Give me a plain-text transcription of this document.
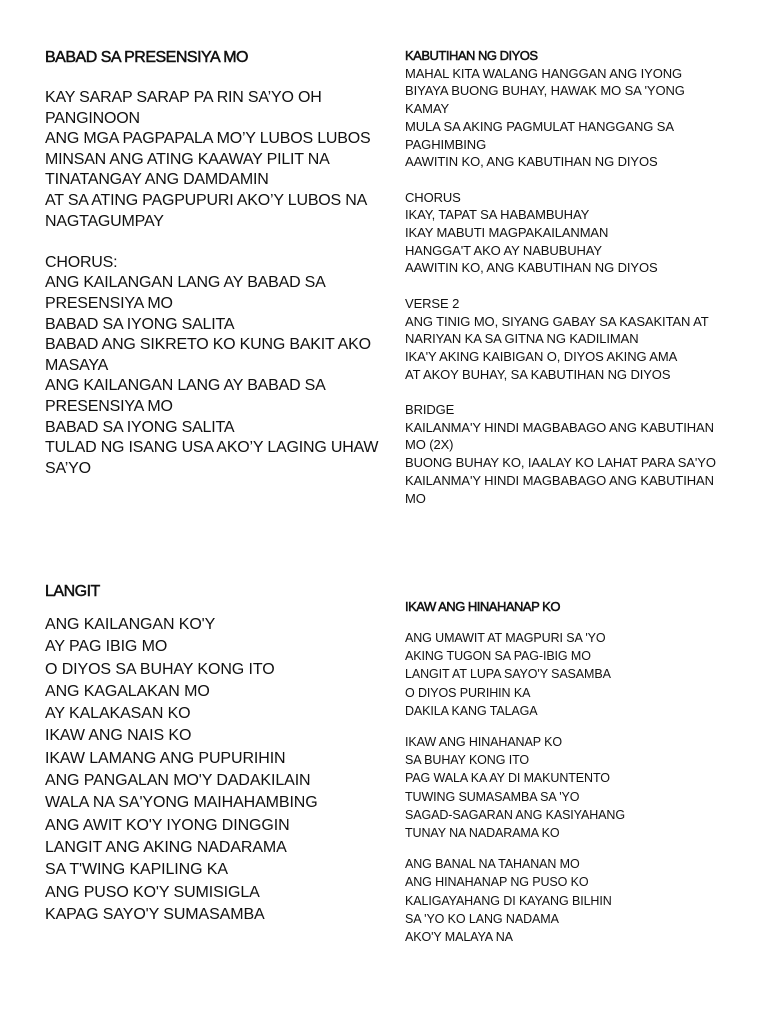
BABAD SA PRESENSIYA MO
KAY SARAP SARAP PA RIN SA’YO OH
PANGINOON
ANG MGA PAGPAPALA MO’Y LUBOS LUBOS
MINSAN ANG ATING KAAWAY PILIT NA
TINATANGAY ANG DAMDAMIN
AT SA ATING PAGPUPURI AKO’Y LUBOS NA
NAGTAGUMPAY
CHORUS:
ANG KAILANGAN LANG AY BABAD SA
PRESENSIYA MO
BABAD SA IYONG SALITA
BABAD ANG SIKRETO KO KUNG BAKIT AKO
MASAYA
ANG KAILANGAN LANG AY BABAD SA
PRESENSIYA MO
BABAD SA IYONG SALITA
TULAD NG ISANG USA AKO’Y LAGING UHAW
SA’YO
KABUTIHAN NG DIYOS
MAHAL KITA WALANG HANGGAN ANG IYONG
BIYAYA BUONG BUHAY, HAWAK MO SA 'YONG
KAMAY
MULA SA AKING PAGMULAT HANGGANG SA
PAGHIMBING
AAWITIN KO, ANG KABUTIHAN NG DIYOS
CHORUS
IKAY, TAPAT SA HABAMBUHAY
IKAY MABUTI MAGPAKAILANMAN
HANGGA'T AKO AY NABUBUHAY
AAWITIN KO, ANG KABUTIHAN NG DIYOS
VERSE 2
ANG TINIG MO, SIYANG GABAY SA KASAKITAN AT
NARIYAN KA SA GITNA NG KADILIMAN
IKA'Y AKING KAIBIGAN O, DIYOS AKING AMA
AT AKOY BUHAY, SA KABUTIHAN NG DIYOS
BRIDGE
KAILANMA'Y HINDI MAGBABAGO ANG KABUTIHAN
MO (2X)
BUONG BUHAY KO, IAALAY KO LAHAT PARA SA'YO
KAILANMA'Y HINDI MAGBABAGO ANG KABUTIHAN
MO
LANGIT
ANG KAILANGAN KO'Y
AY PAG IBIG MO
O DIYOS SA BUHAY KONG ITO
ANG KAGALAKAN MO
AY KALAKASAN KO
IKAW ANG NAIS KO
IKAW LAMANG ANG PUPURIHIN
ANG PANGALAN MO'Y DADAKILAIN
WALA NA SA'YONG MAIHAHAMBING
ANG AWIT KO'Y IYONG DINGGIN
LANGIT ANG AKING NADARAMA
SA T'WING KAPILING KA
ANG PUSO KO'Y SUMISIGLA
KAPAG SAYO'Y SUMASAMBA
IKAW ANG HINAHANAP KO
ANG UMAWIT AT MAGPURI SA 'YO
AKING TUGON SA PAG-IBIG MO
LANGIT AT LUPA SAYO'Y SASAMBA
O DIYOS PURIHIN KA
DAKILA KANG TALAGA
IKAW ANG HINAHANAP KO
SA BUHAY KONG ITO
PAG WALA KA AY DI MAKUNTENTO
TUWING SUMASAMBA SA 'YO
SAGAD-SAGARAN ANG KASIYAHANG
TUNAY NA NADARAMA KO
ANG BANAL NA TAHANAN MO
ANG HINAHANAP NG PUSO KO
KALIGAYAHANG DI KAYANG BILHIN
SA 'YO KO LANG NADAMA
AKO'Y MALAYA NA
